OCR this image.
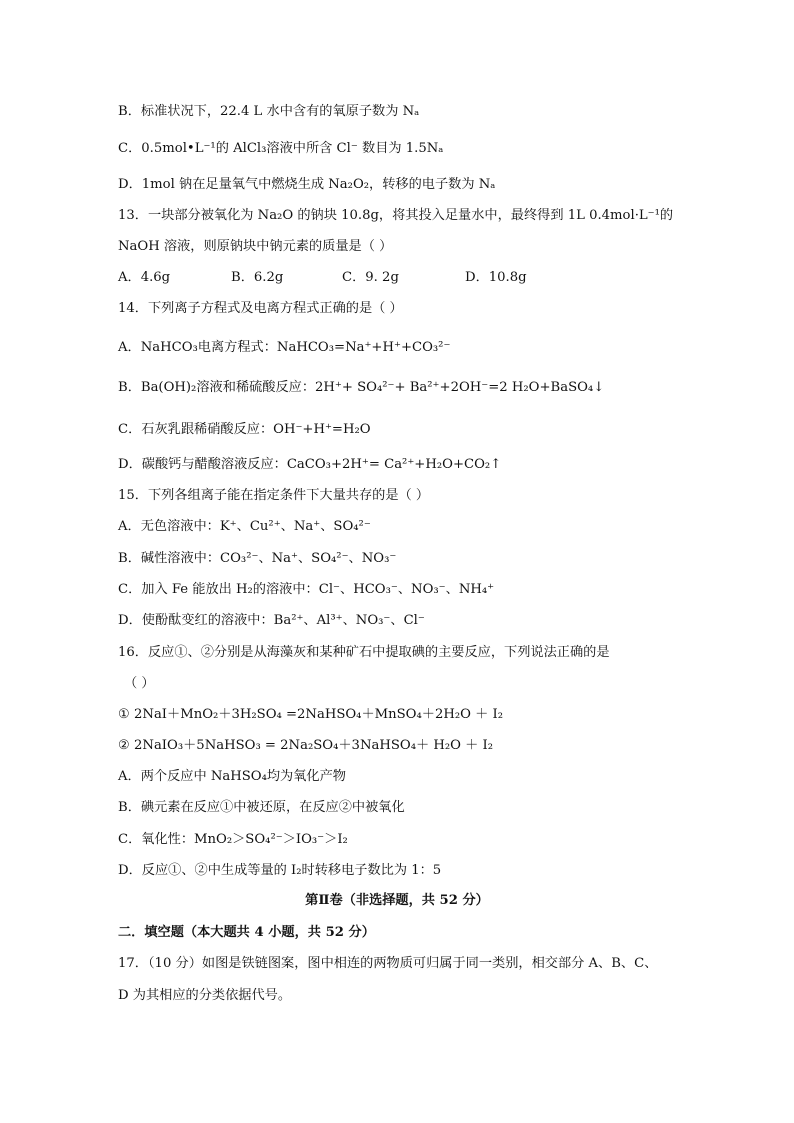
B．标准状况下，22.4 L 水中含有的氧原子数为 Nₐ
C．0.5mol•L⁻¹的 AlCl₃溶液中所含 Cl⁻ 数目为 1.5Nₐ
D．1mol 钠在足量氧气中燃烧生成 Na₂O₂，转移的电子数为 Nₐ
13．一块部分被氧化为 Na₂O 的钠块 10.8g，将其投入足量水中，最终得到 1L 0.4mol·L⁻¹的
NaOH 溶液，则原钠块中钠元素的质量是（ ）
A．4.6g	B．6.2g	C．9. 2g	D．10.8g
14．下列离子方程式及电离方程式正确的是（ ）
A．NaHCO₃电离方程式：NaHCO₃=Na⁺+H⁺+CO₃²⁻
B．Ba(OH)₂溶液和稀硫酸反应：2H⁺+ SO₄²⁻+ Ba²⁺+2OH⁻=2 H₂O+BaSO₄↓
C．石灰乳跟稀硝酸反应：OH⁻+H⁺=H₂O
D．碳酸钙与醋酸溶液反应：CaCO₃+2H⁺= Ca²⁺+H₂O+CO₂↑
15．下列各组离子能在指定条件下大量共存的是（ ）
A．无色溶液中：K⁺、Cu²⁺、Na⁺、SO₄²⁻
B．碱性溶液中：CO₃²⁻、Na⁺、SO₄²⁻、NO₃⁻
C．加入 Fe 能放出 H₂的溶液中：Cl⁻、HCO₃⁻、NO₃⁻、NH₄⁺
D．使酚酞变红的溶液中：Ba²⁺、Al³⁺、NO₃⁻、Cl⁻
16．反应①、②分别是从海藻灰和某种矿石中提取碘的主要反应，下列说法正确的是
（ ）
① 2NaI＋MnO₂＋3H₂SO₄ =2NaHSO₄＋MnSO₄＋2H₂O ＋ I₂
② 2NaIO₃＋5NaHSO₃ = 2Na₂SO₄＋3NaHSO₄＋ H₂O ＋ I₂
A．两个反应中 NaHSO₄均为氧化产物
B．碘元素在反应①中被还原，在反应②中被氧化
C．氧化性：MnO₂＞SO₄²⁻＞IO₃⁻＞I₂
D．反应①、②中生成等量的 I₂时转移电子数比为 1：5
第Ⅱ卷（非选择题，共 52 分）
二．填空题（本大题共 4 小题，共 52 分）
17．（10 分）如图是铁链图案，图中相连的两物质可归属于同一类别，相交部分 A、B、C、
D 为其相应的分类依据代号。
